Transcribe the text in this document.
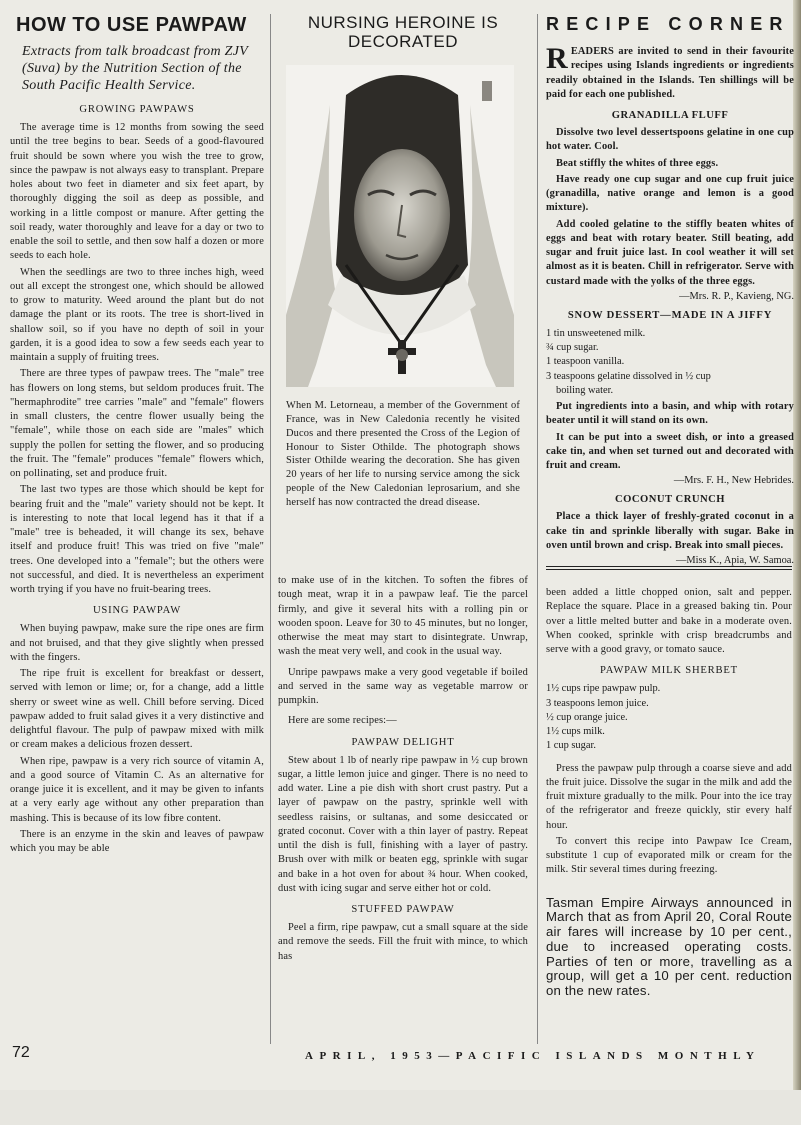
HOW TO USE PAWPAW
Extracts from talk broadcast from ZJV (Suva) by the Nutrition Section of the South Pacific Health Service.
GROWING PAWPAWS

The average time is 12 months from sowing the seed until the tree begins to bear. Seeds of a good-flavoured fruit should be sown where you wish the tree to grow, since the pawpaw is not always easy to transplant. Prepare holes about two feet in diameter and six feet apart, by thoroughly digging the soil as deep as possible, and working in a little compost or manure. After getting the soil ready, water thoroughly and leave for a day or two to enable the soil to settle, and then sow half a dozen or more seeds to each hole.

When the seedlings are two to three inches high, weed out all except the strongest one, which should be allowed to grow to maturity. Weed around the plant but do not damage the plant or its roots. The tree is short-lived in shallow soil, so if you have no depth of soil in your garden, it is a good idea to sow a few seeds each year to maintain a supply of fruiting trees.

There are three types of pawpaw trees. The "male" tree has flowers on long stems, but seldom produces fruit. The "hermaphrodite" tree carries "male" and "female" flowers in small clusters, the centre flower usually being the "female", while those on each side are "males" which supply the pollen for setting the flower, and so producing the fruit. The "female" produces "female" flowers which, on pollinating, set and produce fruit.

The last two types are those which should be kept for bearing fruit and the "male" variety should not be kept. It is interesting to note that local legend has it that if a "male" tree is beheaded, it will change its sex, behave itself and produce fruit! This was tried on five "male" trees. One developed into a "female"; but the others were not successful, and died. It is nevertheless an experiment worth trying if you have no fruit-bearing trees.

USING PAWPAW

When buying pawpaw, make sure the ripe ones are firm and not bruised, and that they give slightly when pressed with the fingers.

The ripe fruit is excellent for breakfast or dessert, served with lemon or lime; or, for a change, add a little sherry or sweet wine as well. Chill before serving. Diced pawpaw added to fruit salad gives it a very distinctive and delightful flavour. The pulp of pawpaw mixed with milk or cream makes a delicious frozen dessert.

When ripe, pawpaw is a very rich source of vitamin A, and a good source of Vitamin C. As an alternative for orange juice it is excellent, and it may be given to infants at a very early age without any other preparation than mashing. This is because of its low fibre content.

There is an enzyme in the skin and leaves of pawpaw which you may be able

NURSING HEROINE IS DECORATED
When M. Letorneau, a member of the Government of France, was in New Caledonia recently he visited Ducos and there presented the Cross of the Legion of Honour to Sister Othilde. The photograph shows Sister Othilde wearing the decoration. She has given 20 years of her life to nursing service among the sick people of the New Caledonian leprosarium, and she herself has now contracted the dread disease.

to make use of in the kitchen. To soften the fibres of tough meat, wrap it in a pawpaw leaf. Tie the parcel firmly, and give it several hits with a rolling pin or wooden spoon. Leave for 30 to 45 minutes, but no longer, otherwise the meat may start to disintegrate. Unwrap, wash the meat very well, and cook in the usual way.

Unripe pawpaws make a very good vegetable if boiled and served in the same way as vegetable marrow or pumpkin.

Here are some recipes:—

PAWPAW DELIGHT

Stew about 1 lb of nearly ripe pawpaw in ½ cup brown sugar, a little lemon juice and ginger. There is no need to add water. Line a pie dish with short crust pastry. Put a layer of pawpaw on the pastry, sprinkle well with seedless raisins, or sultanas, and some desiccated or grated coconut. Cover with a thin layer of pastry. Repeat until the dish is full, finishing with a layer of pastry. Brush over with milk or beaten egg, sprinkle with sugar and bake in a hot oven for about ¾ hour. When cooked, dust with icing sugar and serve either hot or cold.

STUFFED PAWPAW

Peel a firm, ripe pawpaw, cut a small square at the side and remove the seeds. Fill the fruit with mince, to which has

RECIPE CORNER
READERS are invited to send in their favourite recipes using Islands ingredients or ingredients readily obtained in the Islands. Ten shillings will be paid for each one published.
GRANADILLA FLUFF

Dissolve two level dessertspoons gelatine in one cup hot water. Cool.

Beat stiffly the whites of three eggs.

Have ready one cup sugar and one cup fruit juice (granadilla, native orange and lemon is a good mixture).

Add cooled gelatine to the stiffly beaten whites of eggs and beat with rotary beater. Still beating, add sugar and fruit juice last. In cool weather it will set almost as it is beaten. Chill in refrigerator. Serve with custard made with the yolks of the three eggs.

—Mrs. R. P., Kavieng, NG.
SNOW DESSERT—MADE IN A JIFFY
1 tin unsweetened milk.
¾ cup sugar.
1 teaspoon vanilla.
3 teaspoons gelatine dissolved in ½ cup
boiling water.

Put ingredients into a basin, and whip with rotary beater until it will stand on its own.

It can be put into a sweet dish, or into a greased cake tin, and when set turned out and decorated with fruit and cream.

—Mrs. F. H., New Hebrides.
COCONUT CRUNCH

Place a thick layer of freshly-grated coconut in a cake tin and sprinkle liberally with sugar. Bake in oven until brown and crisp. Break into small pieces.

—Miss K., Apia, W. Samoa.

been added a little chopped onion, salt and pepper. Replace the square. Place in a greased baking tin. Pour over a little melted butter and bake in a moderate oven. When cooked, sprinkle with crisp breadcrumbs and serve with a good gravy, or tomato sauce.

PAWPAW MILK SHERBET
1½ cups ripe pawpaw pulp.
3 teaspoons lemon juice.
½ cup orange juice.
1½ cups milk.
1 cup sugar.

Press the pawpaw pulp through a coarse sieve and add the fruit juice. Dissolve the sugar in the milk and add the fruit mixture gradually to the milk. Pour into the ice tray of the refrigerator and freeze quickly, stir every half hour.

To convert this recipe into Pawpaw Ice Cream, substitute 1 cup of evaporated milk or cream for the milk. Stir several times during freezing.

Tasman Empire Airways announced in March that as from April 20, Coral Route air fares will increase by 10 per cent., due to increased operating costs. Parties of ten or more, travelling as a group, will get a 10 per cent. reduction on the new rates.
72	APRIL, 1953—PACIFIC ISLANDS MONTHLY
